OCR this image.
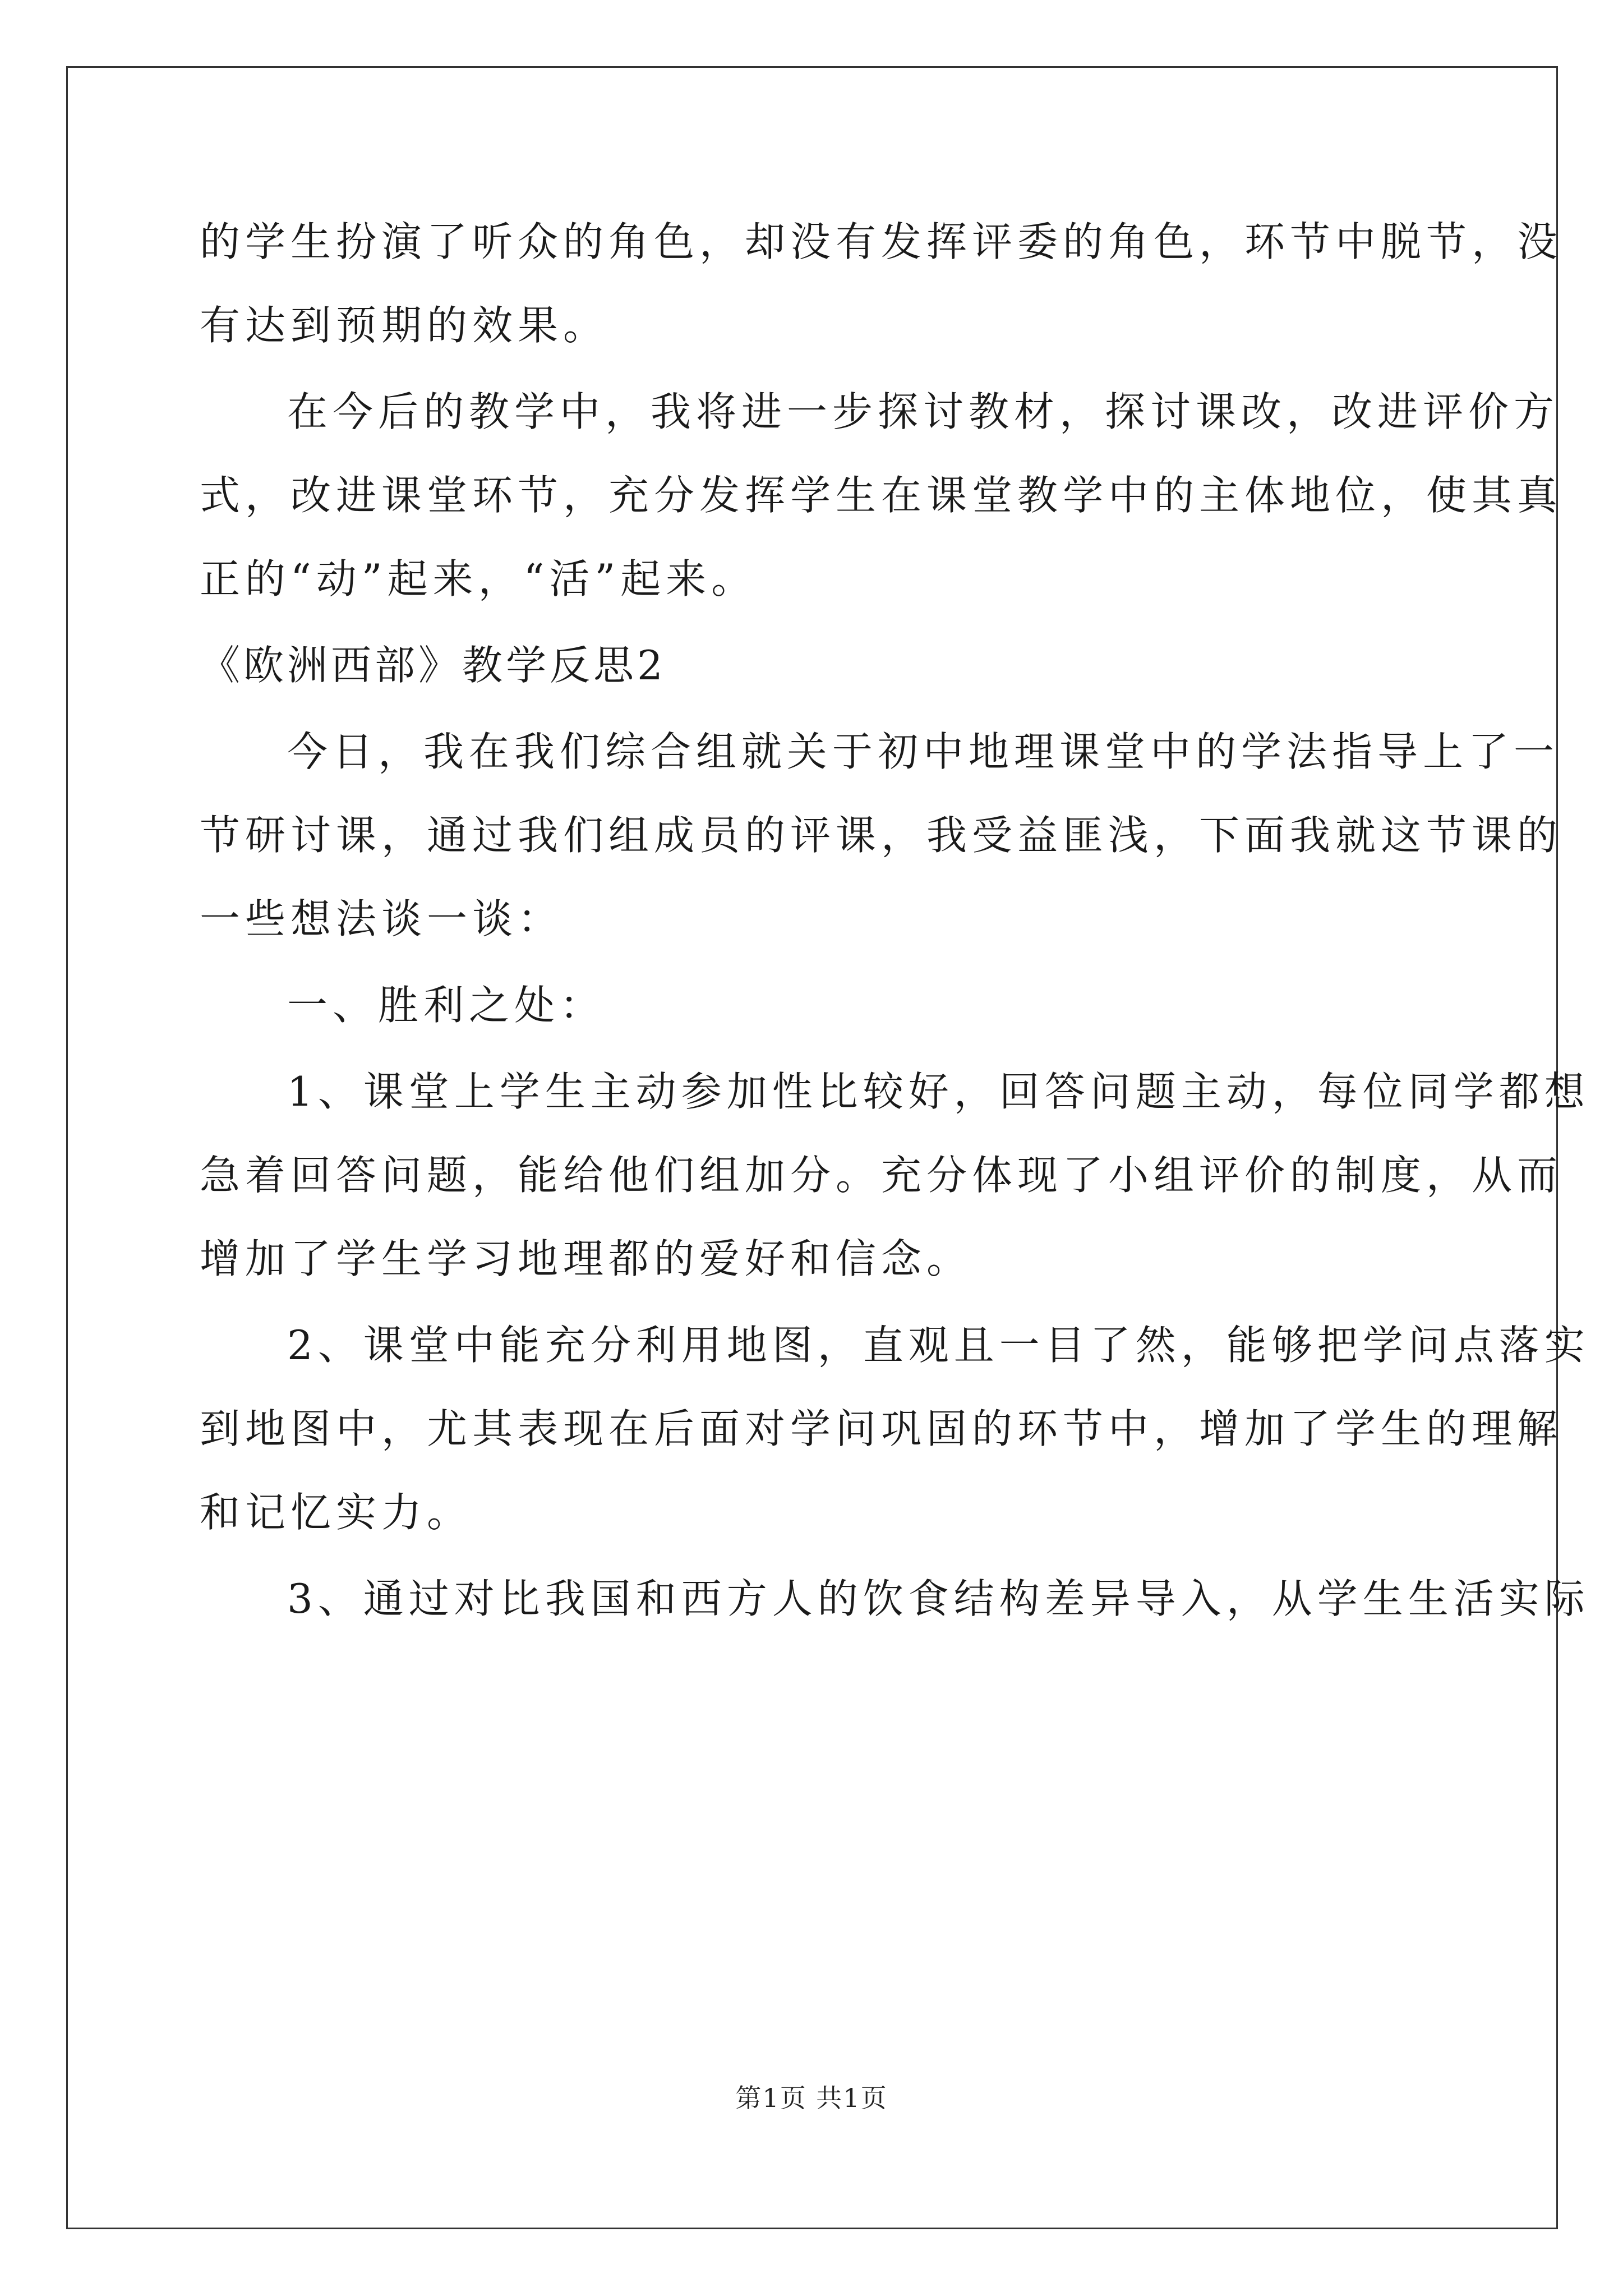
的学生扮演了听众的角色，却没有发挥评委的角色，环节中脱节，没

有达到预期的效果。

在今后的教学中，我将进一步探讨教材，探讨课改，改进评价方

式，改进课堂环节，充分发挥学生在课堂教学中的主体地位，使其真

正的“动”起来，“活”起来。

《欧洲西部》教学反思2

今日，我在我们综合组就关于初中地理课堂中的学法指导上了一

节研讨课，通过我们组成员的评课，我受益匪浅，下面我就这节课的

一些想法谈一谈：

一、胜利之处：

1、课堂上学生主动参加性比较好，回答问题主动，每位同学都想

急着回答问题，能给他们组加分。充分体现了小组评价的制度，从而

增加了学生学习地理都的爱好和信念。

2、课堂中能充分利用地图，直观且一目了然，能够把学问点落实

到地图中，尤其表现在后面对学问巩固的环节中，增加了学生的理解

和记忆实力。

3、通过对比我国和西方人的饮食结构差异导入，从学生生活实际

第1页 共1页
